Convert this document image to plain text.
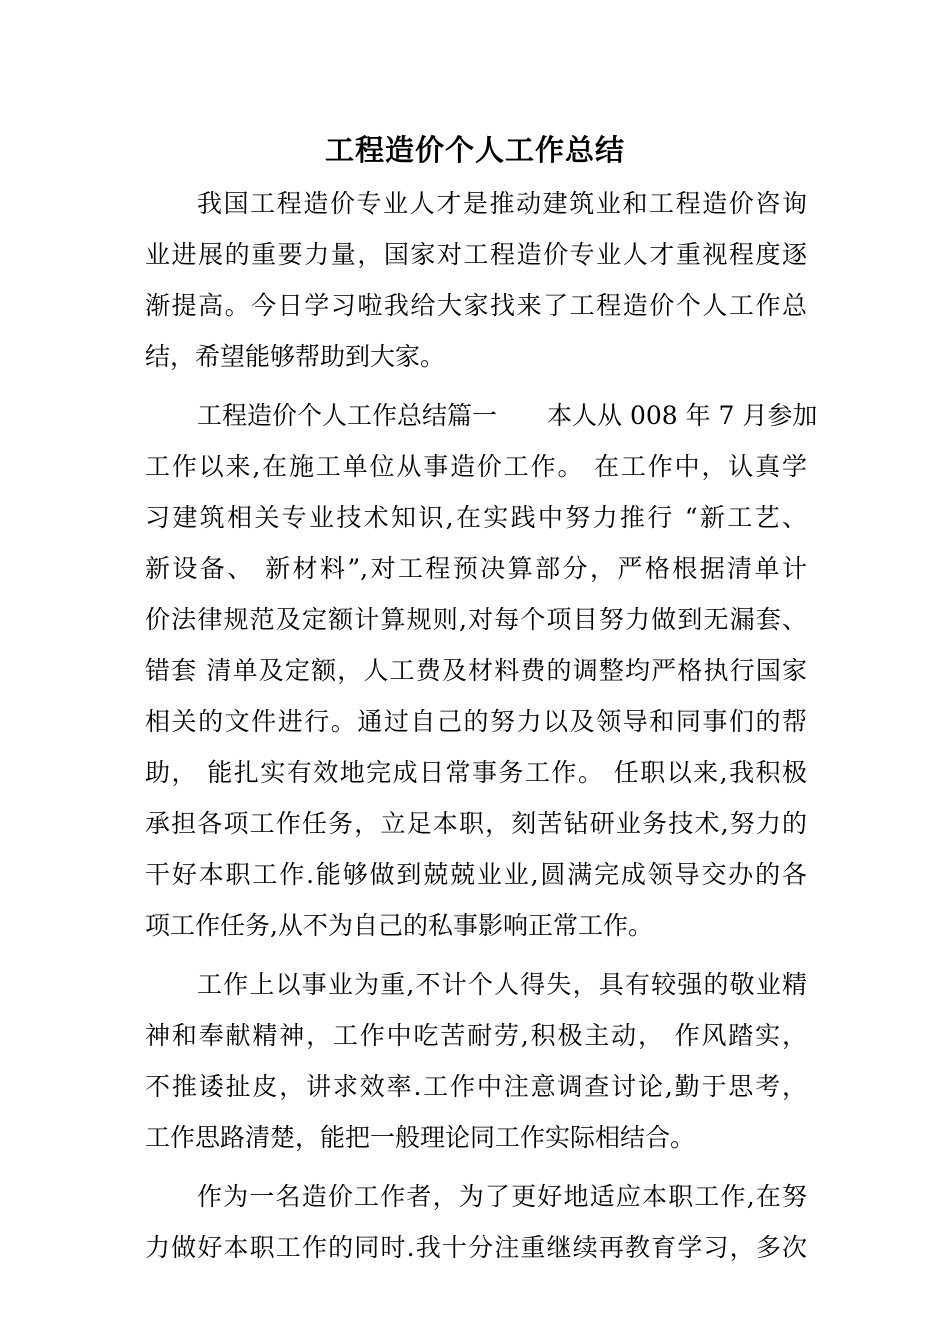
工程造价个人工作总结
我国工程造价专业人才是推动建筑业和工程造价咨询
业进展的重要力量，国家对工程造价专业人才重视程度逐
渐提高。今日学习啦我给大家找来了工程造价个人工作总
结，希望能够帮助到大家。
工程造价个人工作总结篇一　　本人从 008 年 7 月参加
工作以来,在施工单位从事造价工作。 在工作中，认真学
习建筑相关专业技术知识,在实践中努力推行 “新工艺、
新设备、 新材料”,对工程预决算部分，严格根据清单计
价法律规范及定额计算规则,对每个项目努力做到无漏套、
错套 清单及定额，人工费及材料费的调整均严格执行国家
相关的文件进行。通过自己的努力以及领导和同事们的帮
助， 能扎实有效地完成日常事务工作。 任职以来,我积极
承担各项工作任务，立足本职，刻苦钻研业务技术,努力的
干好本职工作.能够做到兢兢业业,圆满完成领导交办的各
项工作任务,从不为自己的私事影响正常工作。
工作上以事业为重,不计个人得失，具有较强的敬业精
神和奉献精神，工作中吃苦耐劳,积极主动， 作风踏实，
不推诿扯皮，讲求效率.工作中注意调查讨论,勤于思考，
工作思路清楚，能把一般理论同工作实际相结合。
作为一名造价工作者，为了更好地适应本职工作,在努
力做好本职工作的同时.我十分注重继续再教育学习，多次
